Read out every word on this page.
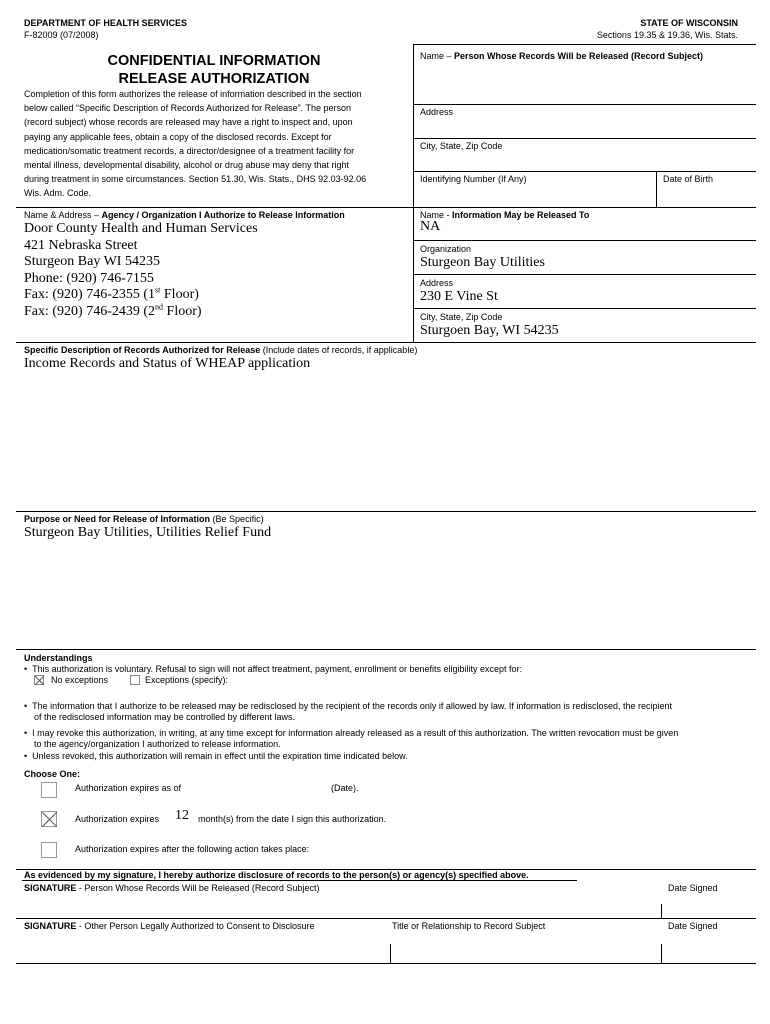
DEPARTMENT OF HEALTH SERVICES
F-82009 (07/2008)
STATE OF WISCONSIN
Sections 19.35 & 19.36, Wis. Stats.
CONFIDENTIAL INFORMATION
RELEASE AUTHORIZATION
Completion of this form authorizes the release of information described in the section
below called “Specific Description of Records Authorized for Release”. The person
(record subject) whose records are released may have a right to inspect and, upon
paying any applicable fees, obtain a copy of the disclosed records. Except for
medication/somatic treatment records, a director/designee of a treatment facility for
mental illness, developmental disability, alcohol or drug abuse may deny that right
during treatment in some circumstances. Section 51.30, Wis. Stats., DHS 92.03-92.06
Wis. Adm. Code.
Name – Person Whose Records Will be Released (Record Subject)
Address
City, State, Zip Code
Identifying Number (If Any)	Date of Birth
Name & Address – Agency / Organization I Authorize to Release Information
Door County Health and Human Services
421 Nebraska Street
Sturgeon Bay WI 54235
Phone: (920) 746-7155
Fax: (920) 746-2355 (1st Floor)
Fax: (920) 746-2439 (2nd Floor)
Name - Information May be Released To
NA
Organization
Sturgeon Bay Utilities
Address
230 E Vine St
City, State, Zip Code
Sturgoen Bay, WI 54235
Specific Description of Records Authorized for Release (Include dates of records, if applicable)
Income Records and Status of WHEAP application
Purpose or Need for Release of Information (Be Specific)
Sturgeon Bay Utilities, Utilities Relief Fund
Understandings
•  This authorization is voluntary. Refusal to sign will not affect treatment, payment, enrollment or benefits eligibility except for:
No exceptions	Exceptions (specify):
•  The information that I authorize to be released may be redisclosed by the recipient of the records only if allowed by law. If information is redisclosed, the recipient
of the redisclosed information may be controlled by different laws.
•  I may revoke this authorization, in writing, at any time except for information already released as a result of this authorization. The written revocation must be given
to the agency/organization I authorized to release information.
•  Unless revoked, this authorization will remain in effect until the expiration time indicated below.
Choose One:
Authorization expires as of	(Date).
Authorization expires 12 month(s) from the date I sign this authorization.
Authorization expires after the following action takes place:
As evidenced by my signature, I hereby authorize disclosure of records to the person(s) or agency(s) specified above.
SIGNATURE - Person Whose Records Will be Released (Record Subject)	Date Signed
SIGNATURE - Other Person Legally Authorized to Consent to Disclosure	Title or Relationship to Record Subject	Date Signed
